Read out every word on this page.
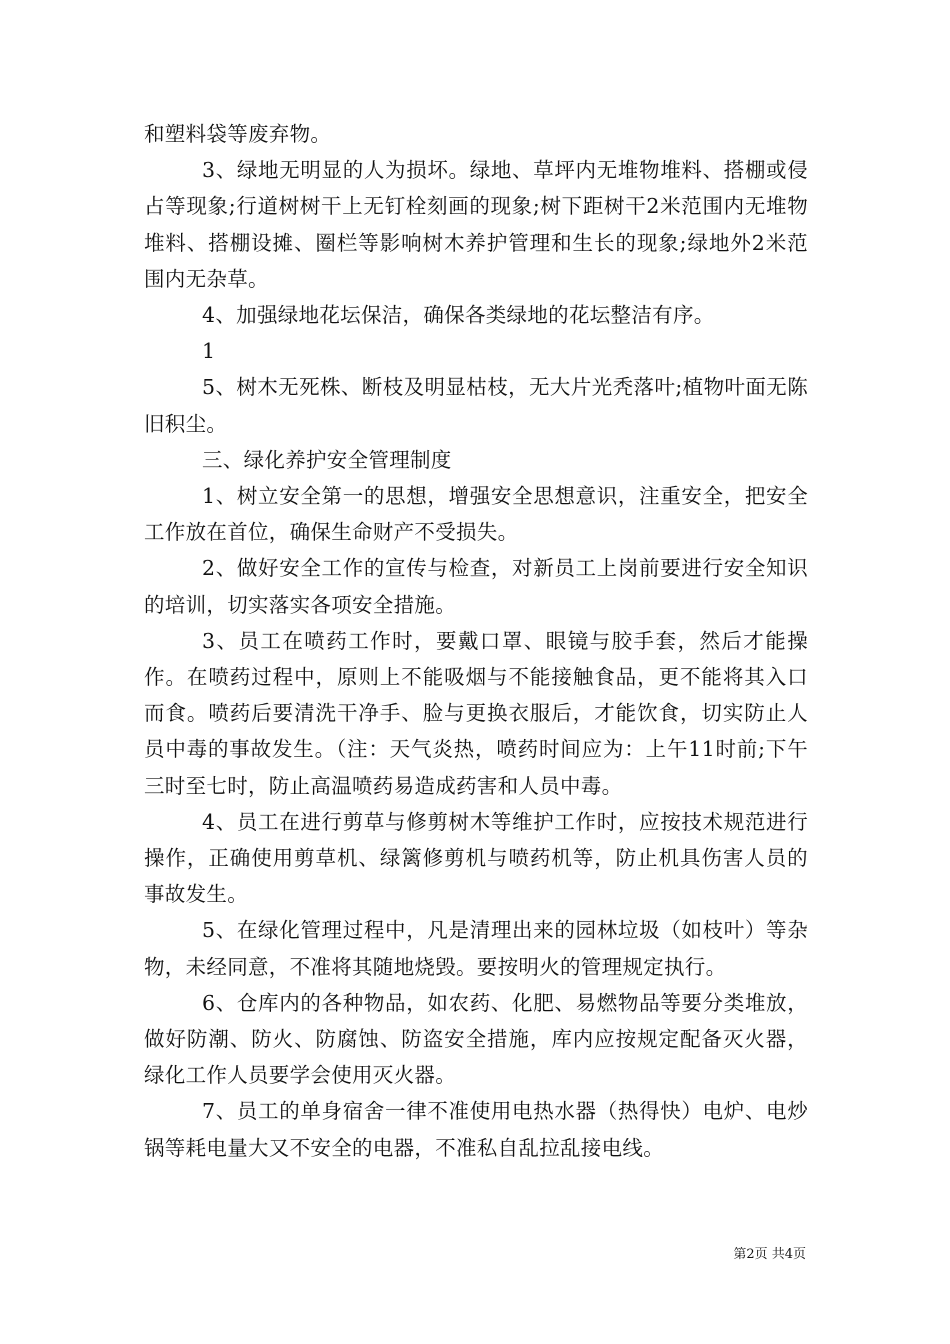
和塑料袋等废弃物。

3、绿地无明显的人为损坏。绿地、草坪内无堆物堆料、搭棚或侵占等现象;行道树树干上无钉栓刻画的现象;树下距树干2米范围内无堆物堆料、搭棚设摊、圈栏等影响树木养护管理和生长的现象;绿地外2米范围内无杂草。

4、加强绿地花坛保洁，确保各类绿地的花坛整洁有序。

1

5、树木无死株、断枝及明显枯枝，无大片光秃落叶;植物叶面无陈旧积尘。

三、绿化养护安全管理制度

1、树立安全第一的思想，增强安全思想意识，注重安全，把安全工作放在首位，确保生命财产不受损失。

2、做好安全工作的宣传与检查，对新员工上岗前要进行安全知识的培训，切实落实各项安全措施。

3、员工在喷药工作时，要戴口罩、眼镜与胶手套，然后才能操作。在喷药过程中，原则上不能吸烟与不能接触食品，更不能将其入口而食。喷药后要清洗干净手、脸与更换衣服后，才能饮食，切实防止人员中毒的事故发生。（注：天气炎热，喷药时间应为：上午11时前;下午三时至七时，防止高温喷药易造成药害和人员中毒。

4、员工在进行剪草与修剪树木等维护工作时，应按技术规范进行操作，正确使用剪草机、绿篱修剪机与喷药机等，防止机具伤害人员的事故发生。

5、在绿化管理过程中，凡是清理出来的园林垃圾（如枝叶）等杂物，未经同意，不准将其随地烧毁。要按明火的管理规定执行。

6、仓库内的各种物品，如农药、化肥、易燃物品等要分类堆放，做好防潮、防火、防腐蚀、防盗安全措施，库内应按规定配备灭火器，绿化工作人员要学会使用灭火器。

7、员工的单身宿舍一律不准使用电热水器（热得快）电炉、电炒锅等耗电量大又不安全的电器，不准私自乱拉乱接电线。

第2页 共4页
